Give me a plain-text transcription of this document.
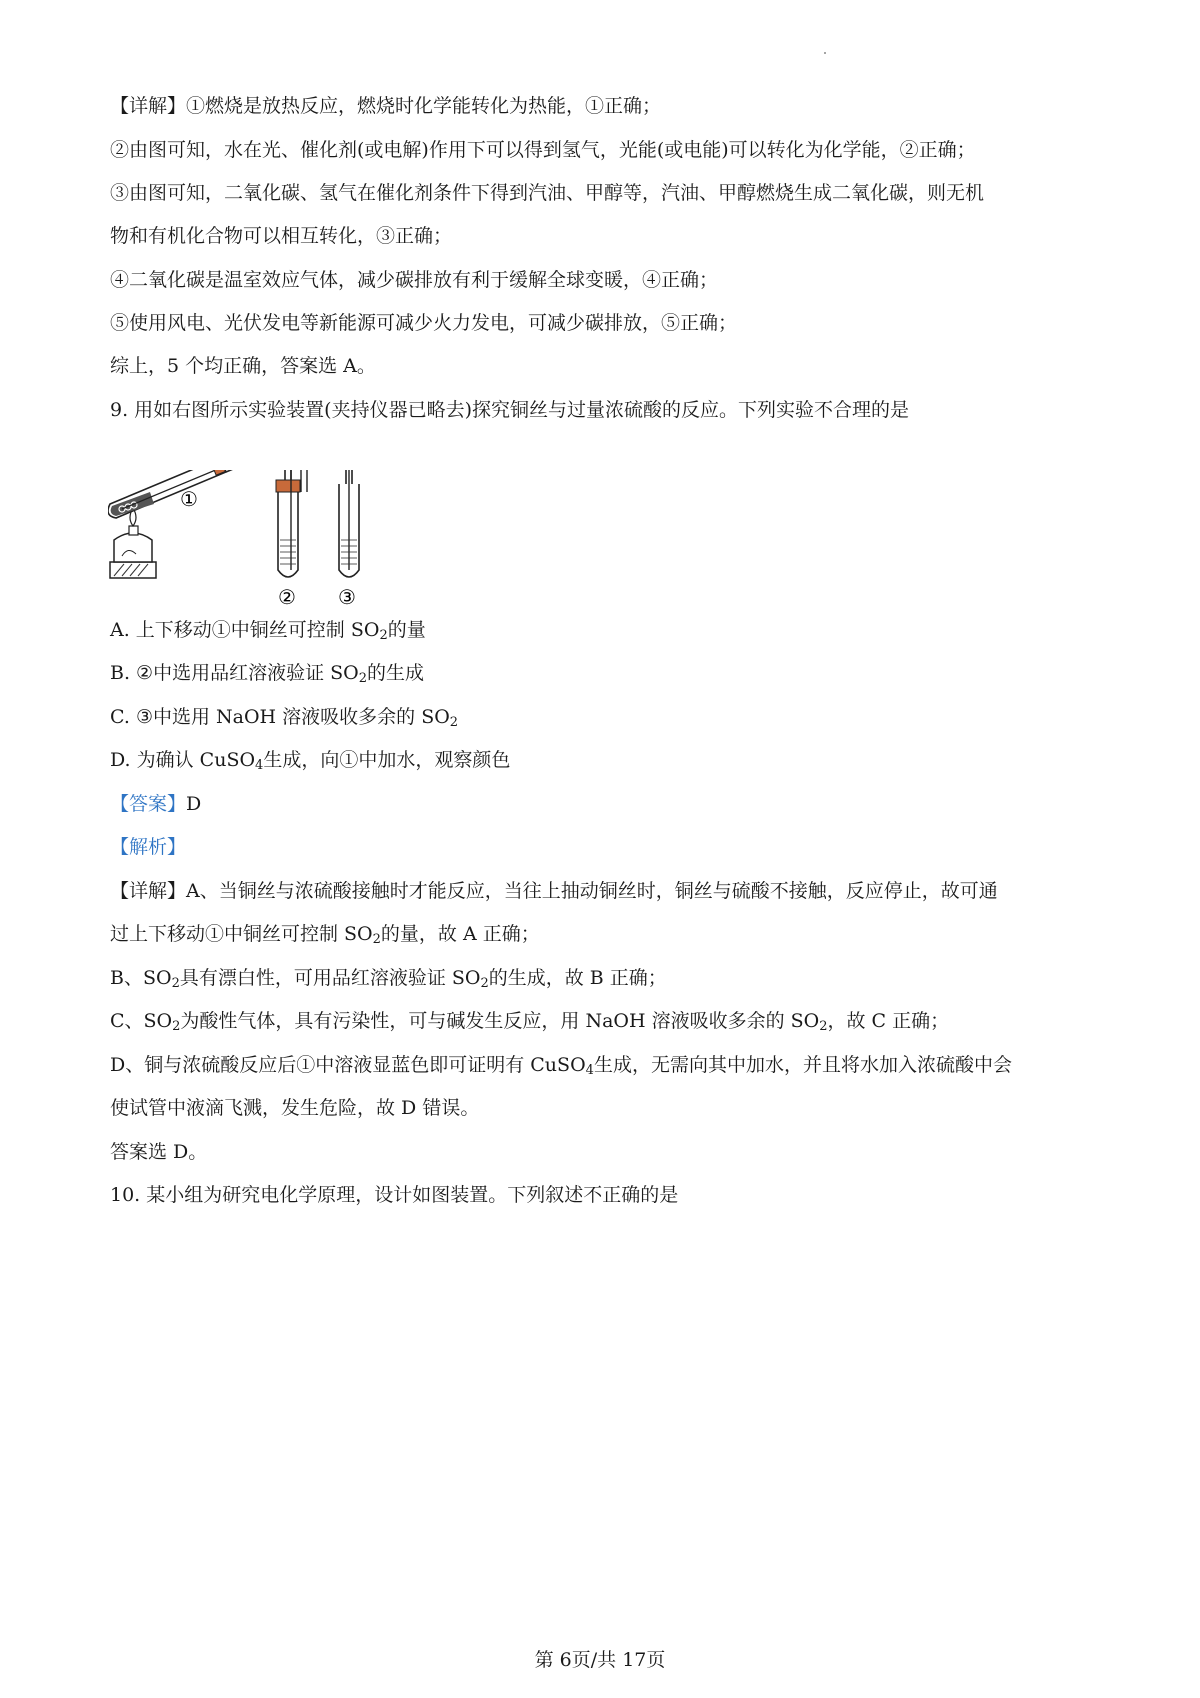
【详解】①燃烧是放热反应，燃烧时化学能转化为热能，①正确；
②由图可知，水在光、催化剂(或电解)作用下可以得到氢气，光能(或电能)可以转化为化学能，②正确；
③由图可知，二氧化碳、氢气在催化剂条件下得到汽油、甲醇等，汽油、甲醇燃烧生成二氧化碳，则无机
物和有机化合物可以相互转化，③正确；
④二氧化碳是温室效应气体，减少碳排放有利于缓解全球变暖，④正确；
⑤使用风电、光伏发电等新能源可减少火力发电，可减少碳排放，⑤正确；
综上，5 个均正确，答案选 A。
9. 用如右图所示实验装置(夹持仪器已略去)探究铜丝与过量浓硫酸的反应。下列实验不合理的是
①
② ③
A. 上下移动①中铜丝可控制 $SO_2$的量
B. ②中选用品红溶液验证 $SO_2$的生成
C. ③中选用 NaOH 溶液吸收多余的 $SO_2$
D. 为确认 CuSO$_4$生成，向①中加水，观察颜色
【答案】D
【解析】
【详解】A、当铜丝与浓硫酸接触时才能反应，当往上抽动铜丝时，铜丝与硫酸不接触，反应停止，故可通
过上下移动①中铜丝可控制 $SO_2$的量，故 A 正确；
B、$SO_2$具有漂白性，可用品红溶液验证 $SO_2$的生成，故 B 正确；
C、$SO_2$为酸性气体，具有污染性，可与碱发生反应，用 NaOH 溶液吸收多余的 $SO_2$，故 C 正确；
D、铜与浓硫酸反应后①中溶液显蓝色即可证明有 CuSO$_4$生成，无需向其中加水，并且将水加入浓硫酸中会
使试管中液滴飞溅，发生危险，故 D 错误。
答案选 D。
10. 某小组为研究电化学原理，设计如图装置。下列叙述不正确的是
第 6页/共 17页
